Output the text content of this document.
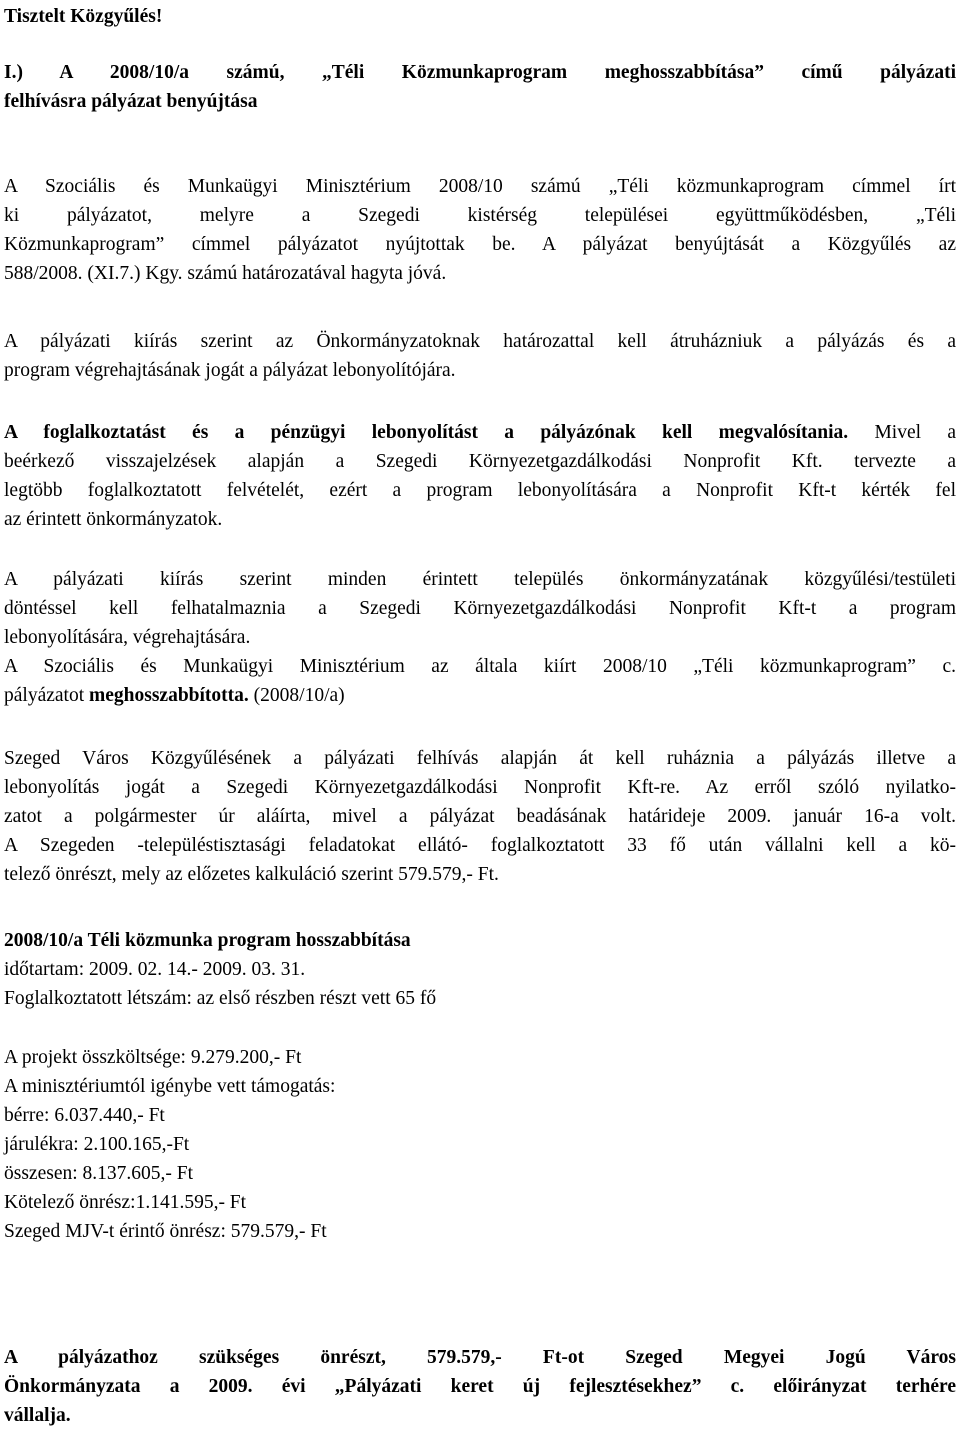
Tisztelt Közgyűlés!
I.) A 2008/10/a számú, „Téli Közmunkaprogram meghosszabbítása” című pályázati
felhívásra pályázat benyújtása
A Szociális és Munkaügyi Minisztérium 2008/10 számú „Téli közmunkaprogram címmel írt
ki pályázatot, melyre a Szegedi kistérség települései együttműködésben, „Téli
Közmunkaprogram” címmel pályázatot nyújtottak be. A pályázat benyújtását a Közgyűlés az
588/2008. (XI.7.) Kgy. számú határozatával hagyta jóvá.
A pályázati kiírás szerint az Önkormányzatoknak határozattal kell átruházniuk a pályázás és a
program végrehajtásának jogát a pályázat lebonyolítójára.
A foglalkoztatást és a pénzügyi lebonyolítást a pályázónak kell megvalósítania. Mivel a
beérkező visszajelzések alapján a Szegedi Környezetgazdálkodási Nonprofit Kft. tervezte a
legtöbb foglalkoztatott felvételét, ezért a program lebonyolítására a Nonprofit Kft-t kérték fel
az érintett önkormányzatok.
A pályázati kiírás szerint minden érintett település önkormányzatának közgyűlési/testületi
döntéssel kell felhatalmaznia a Szegedi Környezetgazdálkodási Nonprofit Kft-t a program
lebonyolítására, végrehajtására.
A Szociális és Munkaügyi Minisztérium az általa kiírt 2008/10 „Téli közmunkaprogram” c.
pályázatot meghosszabbította. (2008/10/a)
Szeged Város Közgyűlésének a pályázati felhívás alapján át kell ruháznia a pályázás illetve a
lebonyolítás jogát a Szegedi Környezetgazdálkodási Nonprofit Kft-re. Az erről szóló nyilatko-
zatot a polgármester úr aláírta, mivel a pályázat beadásának határideje 2009. január 16-a volt.
A Szegeden -településtisztasági feladatokat ellátó- foglalkoztatott 33 fő után vállalni kell a kö-
telező önrészt, mely az előzetes kalkuláció szerint 579.579,- Ft.
2008/10/a Téli közmunka program hosszabbítása
időtartam: 2009. 02. 14.- 2009. 03. 31.
Foglalkoztatott létszám: az első részben részt vett 65 fő
A projekt összköltsége: 9.279.200,- Ft
A minisztériumtól igénybe vett támogatás:
bérre: 6.037.440,- Ft
járulékra: 2.100.165,-Ft
összesen: 8.137.605,- Ft
Kötelező önrész:1.141.595,- Ft
Szeged MJV-t érintő önrész: 579.579,- Ft
A pályázathoz szükséges önrészt, 579.579,- Ft-ot Szeged Megyei Jogú Város
Önkormányzata a 2009. évi „Pályázati keret új fejlesztésekhez” c. előirányzat terhére
vállalja.
